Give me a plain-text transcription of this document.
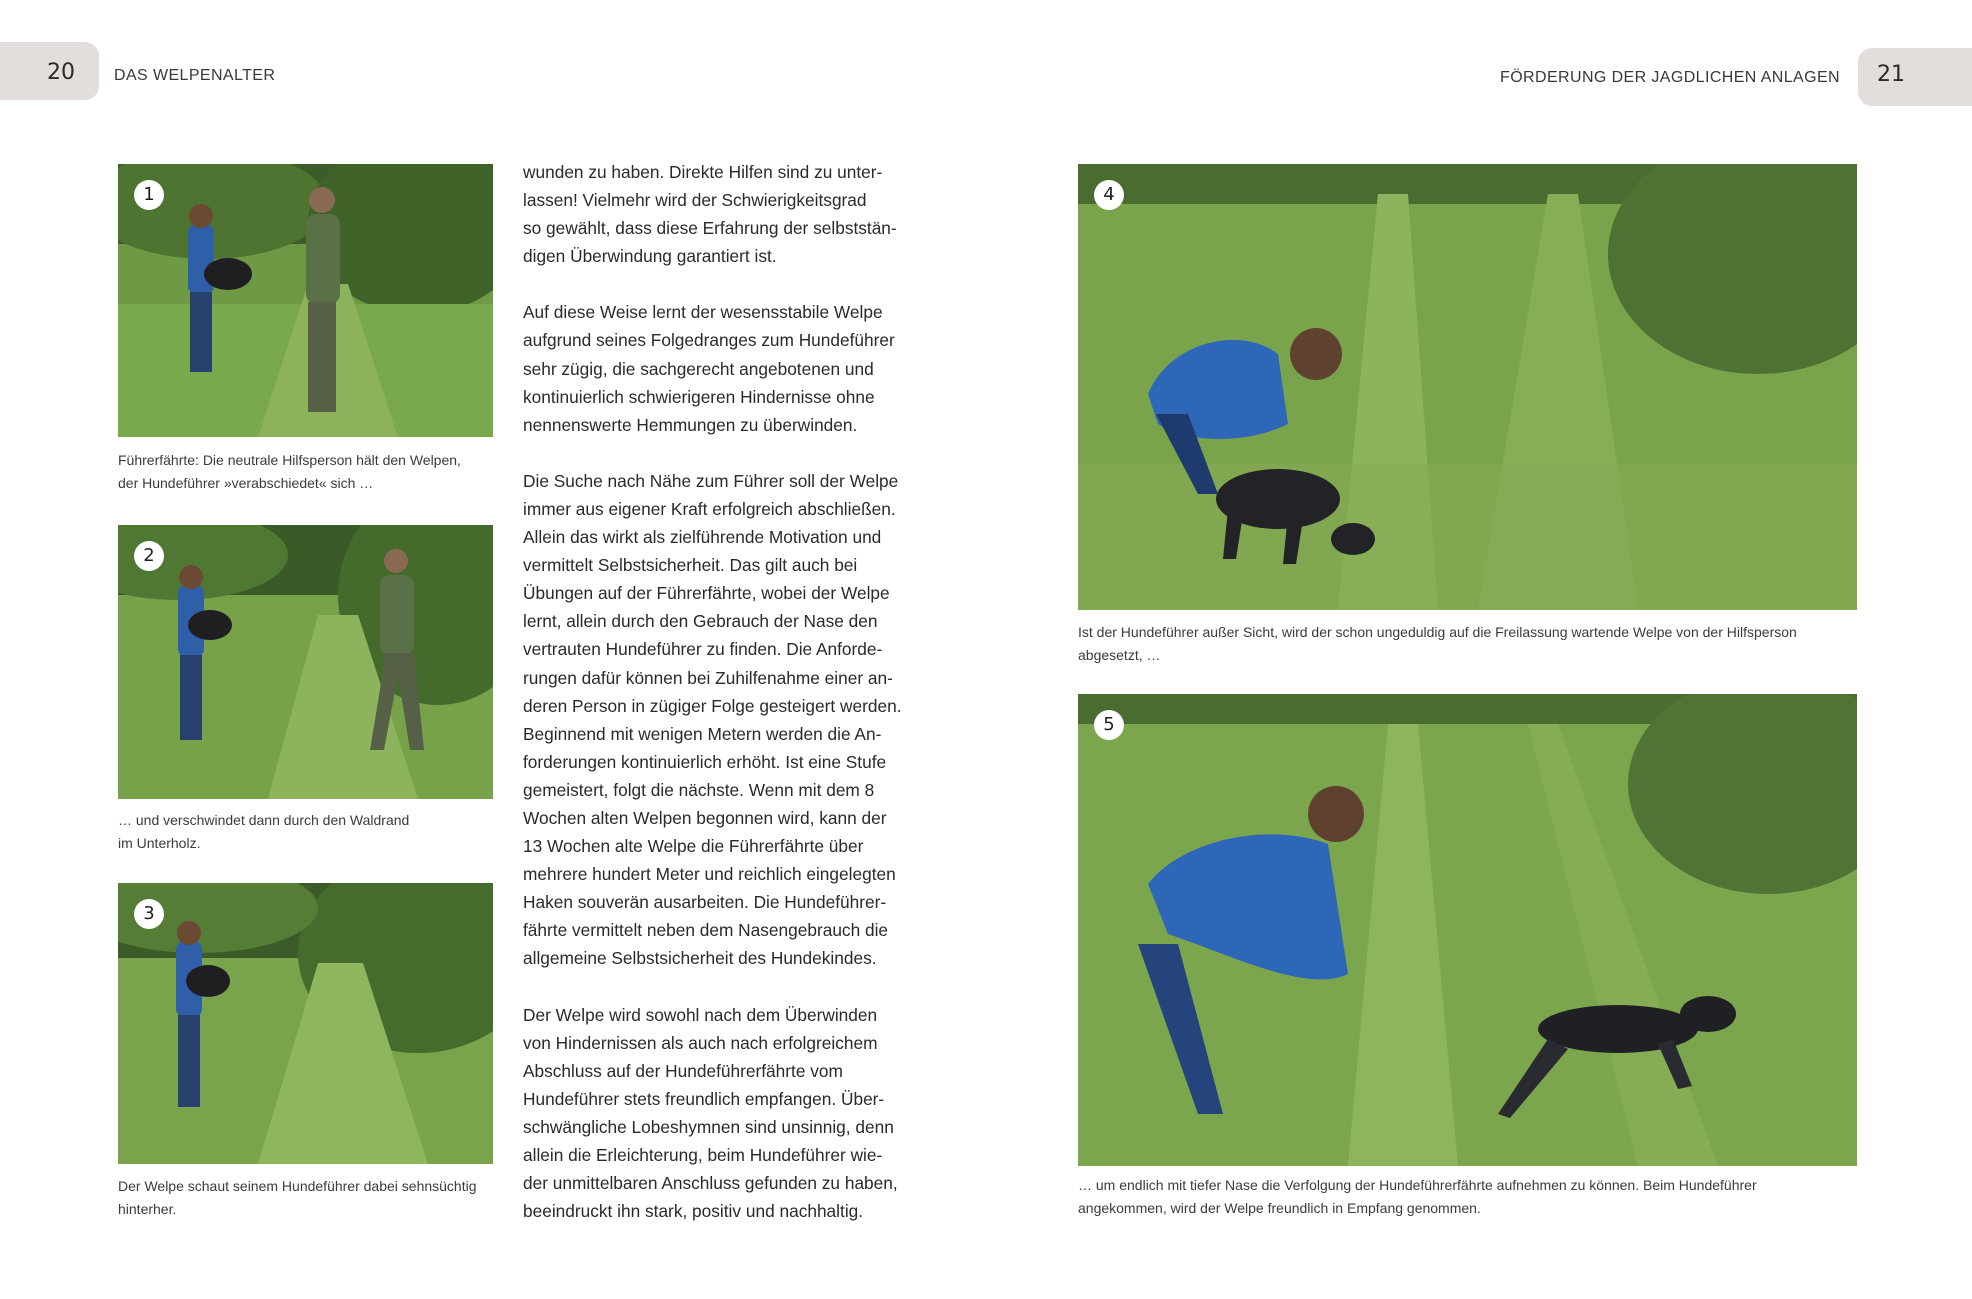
20 DAS WELPENALTER	21
FÖRDERUNG DER JAGDLICHEN ANLAGEN
1
Führerfährte: Die neutrale Hilfsperson hält den Welpen,
der Hundeführer »verabschiedet« sich …
2
… und verschwindet dann durch den Waldrand
im Unterholz.
3
Der Welpe schaut seinem Hundeführer dabei sehnsüchtig
hinterher.

wunden zu haben. Direkte Hilfen sind zu unter-
lassen! Vielmehr wird der Schwierigkeitsgrad
so gewählt, dass diese Erfahrung der selbststän-
digen Überwindung garantiert ist.

Auf diese Weise lernt der wesensstabile Welpe
aufgrund seines Folgedranges zum Hundeführer
sehr zügig, die sachgerecht angebotenen und
kontinuierlich schwierigeren Hindernisse ohne
nennenswerte Hemmungen zu überwinden.

Die Suche nach Nähe zum Führer soll der Welpe
immer aus eigener Kraft erfolgreich abschließen.
Allein das wirkt als zielführende Motivation und
vermittelt Selbstsicherheit. Das gilt auch bei
Übungen auf der Führerfährte, wobei der Welpe
lernt, allein durch den Gebrauch der Nase den
vertrauten Hundeführer zu finden. Die Anforde-
rungen dafür können bei Zuhilfenahme einer an-
deren Person in zügiger Folge gesteigert werden.
Beginnend mit wenigen Metern werden die An-
forderungen kontinuierlich erhöht. Ist eine Stufe
gemeistert, folgt die nächste. Wenn mit dem 8
Wochen alten Welpen begonnen wird, kann der
13 Wochen alte Welpe die Führerfährte über
mehrere hundert Meter und reichlich eingelegten
Haken souverän ausarbeiten. Die Hundeführer-
fährte vermittelt neben dem Nasengebrauch die
allgemeine Selbstsicherheit des Hundekindes.

Der Welpe wird sowohl nach dem Überwinden
von Hindernissen als auch nach erfolgreichem
Abschluss auf der Hundeführerfährte vom
Hundeführer stets freundlich empfangen. Über-
schwängliche Lobeshymnen sind unsinnig, denn
allein die Erleichterung, beim Hundeführer wie-
der unmittelbaren Anschluss gefunden zu haben,
beeindruckt ihn stark, positiv und nachhaltig.

4
Ist der Hundeführer außer Sicht, wird der schon ungeduldig auf die Freilassung wartende Welpe von der Hilfsperson
abgesetzt, …
5
… um endlich mit tiefer Nase die Verfolgung der Hundeführerfährte aufnehmen zu können. Beim Hundeführer
angekommen, wird der Welpe freundlich in Empfang genommen.
